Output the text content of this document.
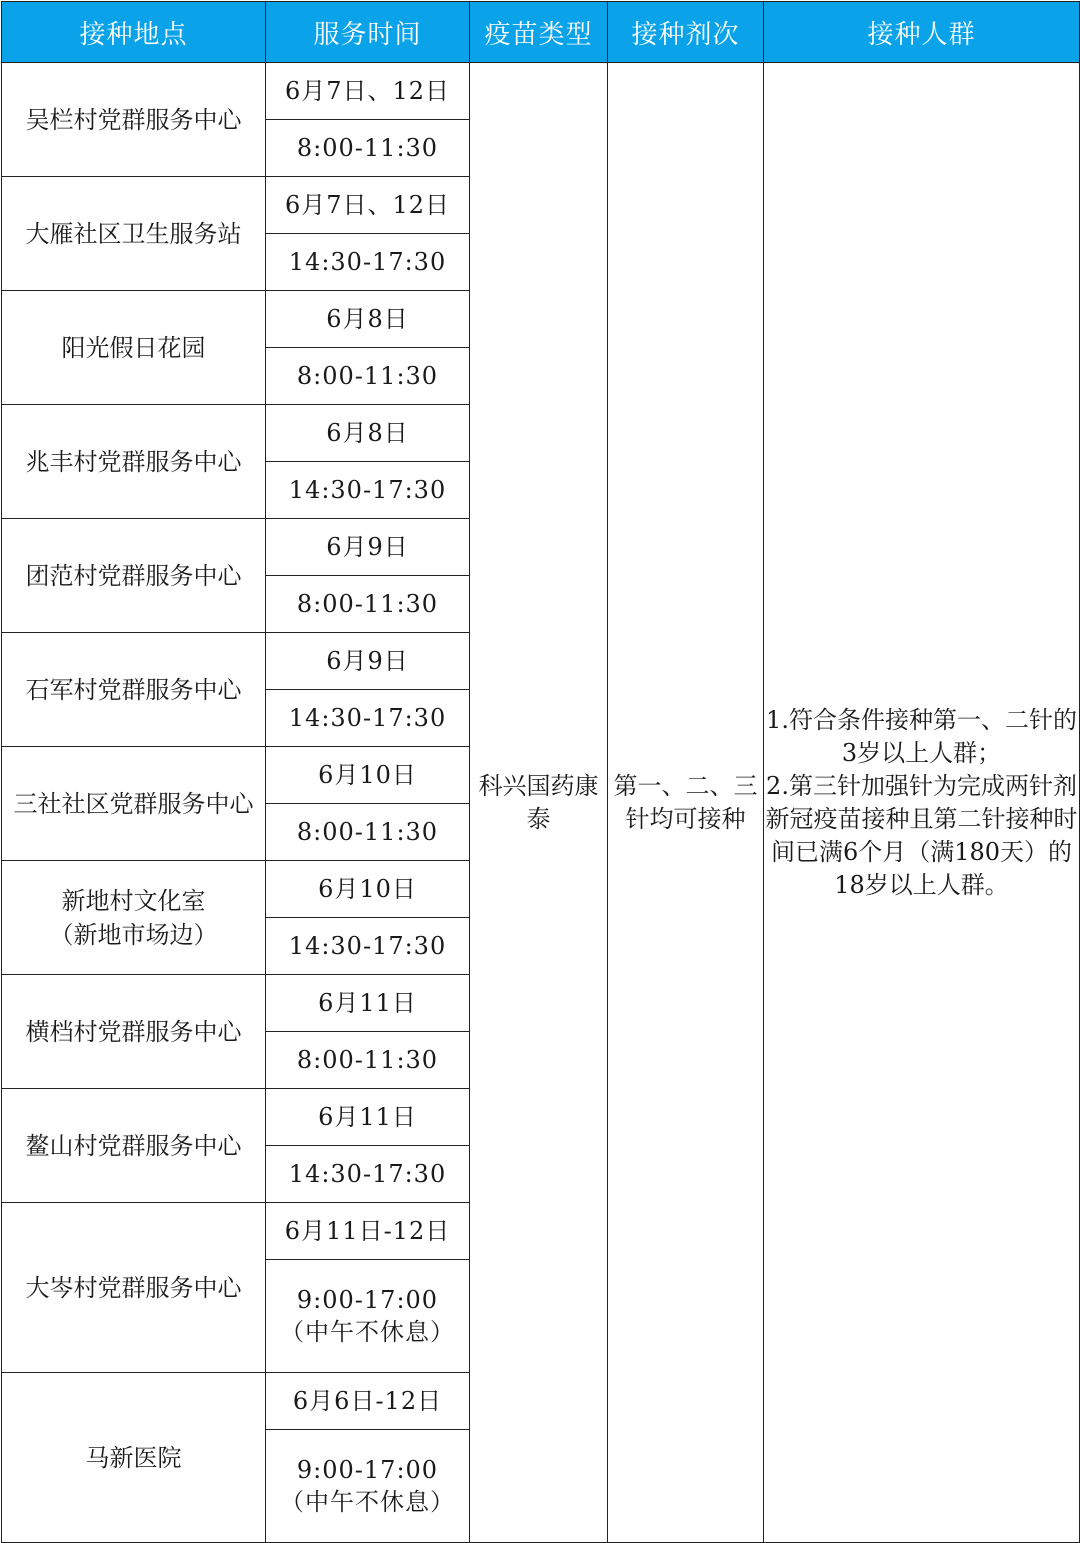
接种地点	服务时间	疫苗类型	接种剂次	接种人群
吴栏村党群服务中心	6月7日、12日	科兴国药康泰	第一、二、三针均可接种	1.符合条件接种第一、二针的3岁以上人群；
2.第三针加强针为完成两针剂新冠疫苗接种且第二针接种时间已满6个月（满180天）的18岁以上人群。

	8:00-11:30			
大雁社区卫生服务站	6月7日、12日			
	14:30-17:30			
阳光假日花园	6月8日			
	8:00-11:30			
兆丰村党群服务中心	6月8日			
	14:30-17:30			
团范村党群服务中心	6月9日			
	8:00-11:30			
石军村党群服务中心	6月9日			
	14:30-17:30			
三社社区党群服务中心	6月10日			
	8:00-11:30			

新地村文化室
（新地市场边）	6月10日			
	14:30-17:30			
横档村党群服务中心	6月11日			
	8:00-11:30			
鳌山村党群服务中心	6月11日			
	14:30-17:30			
大岑村党群服务中心	6月11日-12日			

	9:00-17:00
（中午不休息）			

马新医院	6月6日-12日			

	9:00-17:00
（中午不休息）			
